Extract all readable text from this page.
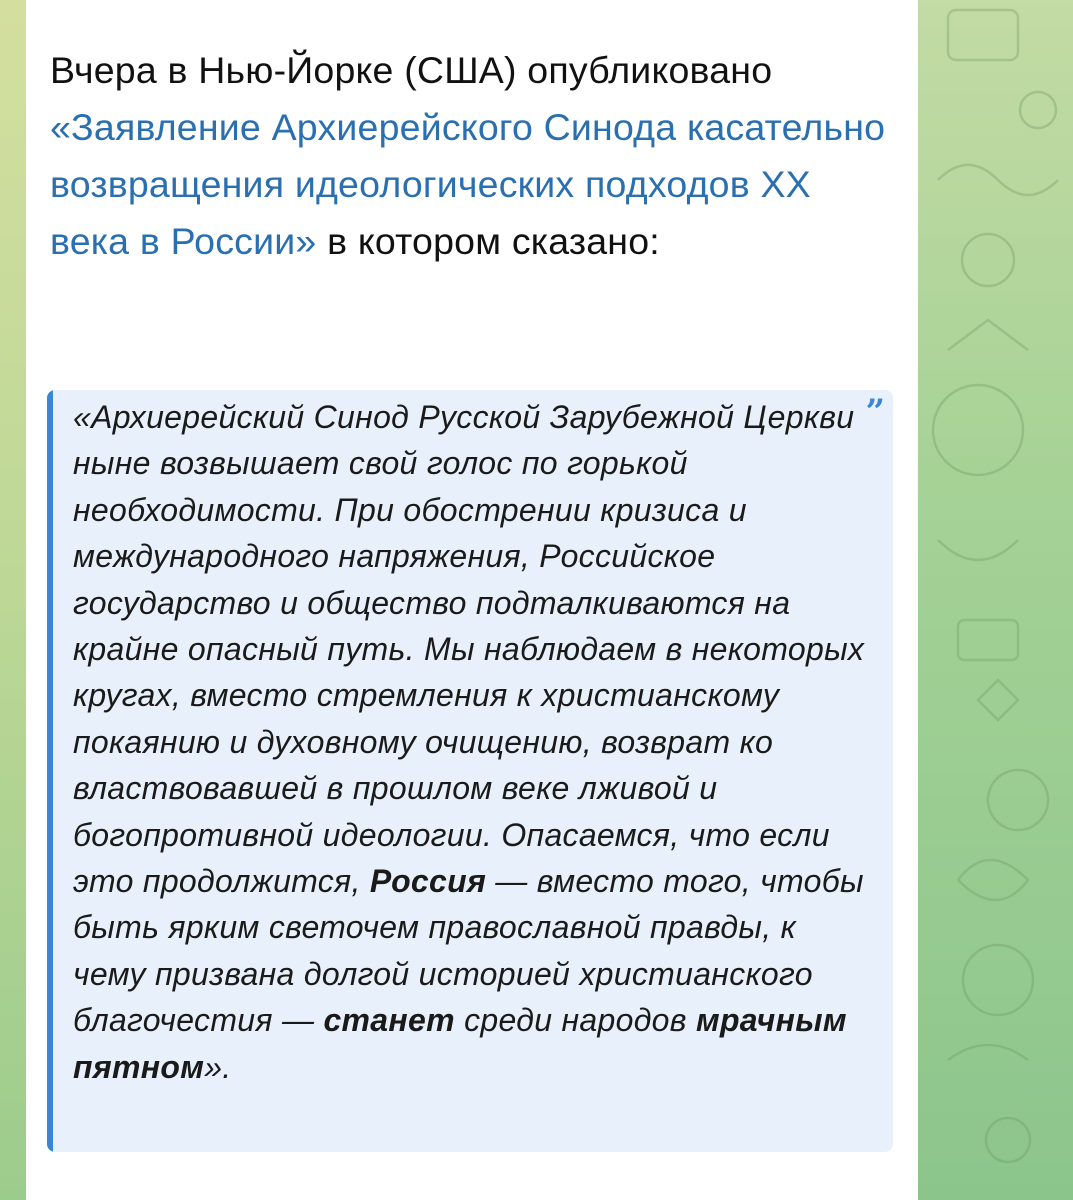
Вчера в Нью-Йорке (США) опубликовано
«Заявление Архиерейского Синода касательно возвращения идеологических подходов XX века в России» в котором сказано:
”
«Архиерейский Синод Русской Зарубежной Церкви ныне возвышает свой голос по горькой необходимости. При обострении кризиса и международного напряжения, Российское государство и общество подталкиваются на крайне опасный путь. Мы наблюдаем в некоторых кругах, вместо стремления к христианскому покаянию и духовному очищению, возврат ко властвовавшей в прошлом веке лживой и богопротивной идеологии. Опасаемся, что если это продолжится, Россия — вместо того, чтобы быть ярким светочем православной правды, к чему призвана долгой историей христианского благочестия — станет среди народов мрачным пятном».
